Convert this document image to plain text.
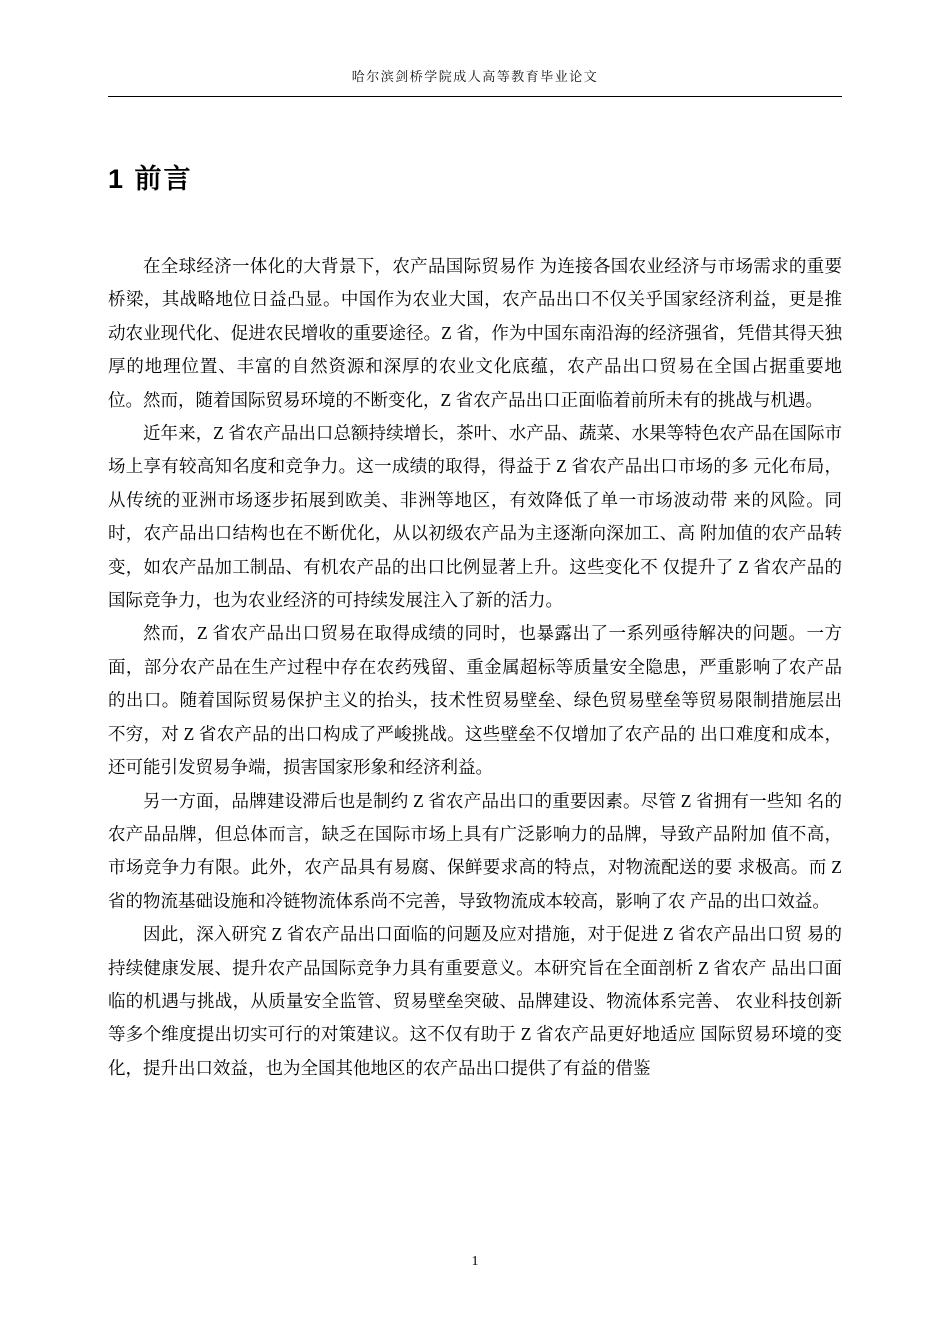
哈尔滨剑桥学院成人高等教育毕业论文
1 前言

在全球经济一体化的大背景下，农产品国际贸易作 为连接各国农业经济与市场需求的重要桥梁，其战略地位日益凸显。中国作为农业大国，农产品出口不仅关乎国家经济利益，更是推动农业现代化、促进农民增收的重要途径。Z 省，作为中国东南沿海的经济强省，凭借其得天独厚的地理位置、丰富的自然资源和深厚的农业文化底蕴，农产品出口贸易在全国占据重要地位。然而，随着国际贸易环境的不断变化，Z 省农产品出口正面临着前所未有的挑战与机遇。

近年来，Z 省农产品出口总额持续增长，茶叶、水产品、蔬菜、水果等特色农产品在国际市场上享有较高知名度和竞争力。这一成绩的取得，得益于 Z 省农产品出口市场的多 元化布局，从传统的亚洲市场逐步拓展到欧美、非洲等地区，有效降低了单一市场波动带 来的风险。同时，农产品出口结构也在不断优化，从以初级农产品为主逐渐向深加工、高 附加值的农产品转变，如农产品加工制品、有机农产品的出口比例显著上升。这些变化不 仅提升了 Z 省农产品的国际竞争力，也为农业经济的可持续发展注入了新的活力。

然而，Z 省农产品出口贸易在取得成绩的同时，也暴露出了一系列亟待解决的问题。一方面，部分农产品在生产过程中存在农药残留、重金属超标等质量安全隐患，严重影响了农产品的出口。随着国际贸易保护主义的抬头，技术性贸易壁垒、绿色贸易壁垒等贸易限制措施层出不穷，对 Z 省农产品的出口构成了严峻挑战。这些壁垒不仅增加了农产品的 出口难度和成本，还可能引发贸易争端，损害国家形象和经济利益。

另一方面，品牌建设滞后也是制约 Z 省农产品出口的重要因素。尽管 Z 省拥有一些知 名的农产品品牌，但总体而言，缺乏在国际市场上具有广泛影响力的品牌，导致产品附加 值不高，市场竞争力有限。此外，农产品具有易腐、保鲜要求高的特点，对物流配送的要 求极高。而 Z 省的物流基础设施和冷链物流体系尚不完善，导致物流成本较高，影响了农 产品的出口效益。

因此，深入研究 Z 省农产品出口面临的问题及应对措施，对于促进 Z 省农产品出口贸 易的持续健康发展、提升农产品国际竞争力具有重要意义。本研究旨在全面剖析 Z 省农产 品出口面临的机遇与挑战，从质量安全监管、贸易壁垒突破、品牌建设、物流体系完善、 农业科技创新等多个维度提出切实可行的对策建议。这不仅有助于 Z 省农产品更好地适应 国际贸易环境的变化，提升出口效益，也为全国其他地区的农产品出口提供了有益的借鉴

1
